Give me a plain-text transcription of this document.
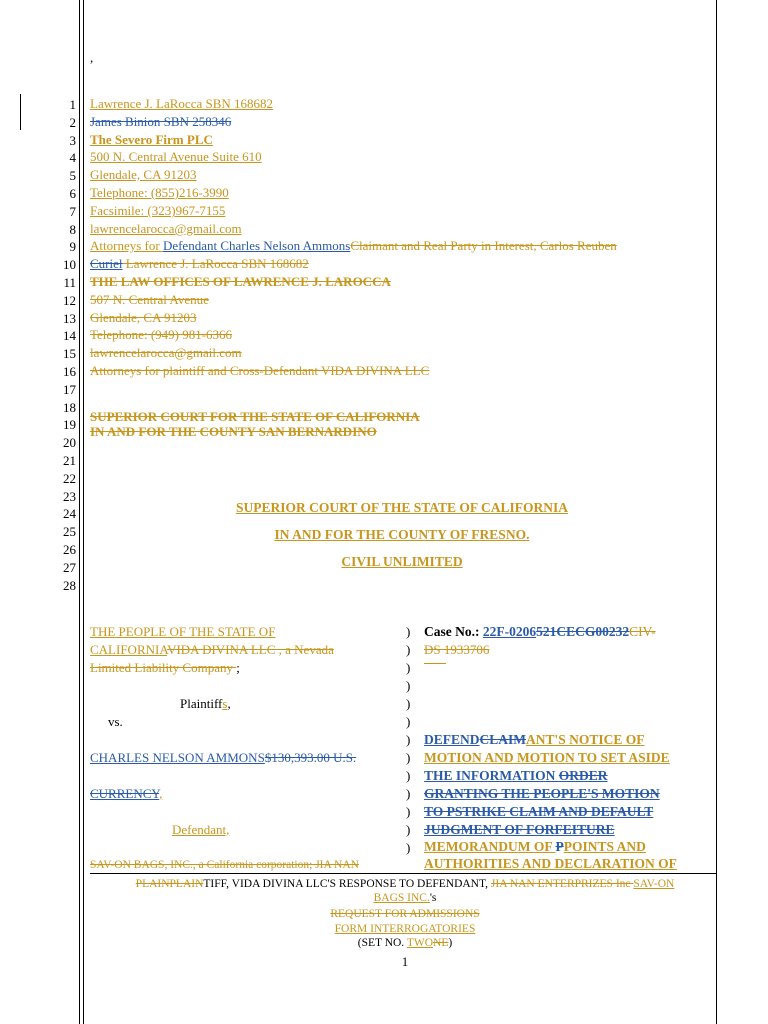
,
1
2
3
4
5
6
7
8
9
10
11
12
13
14
15
16
17
18
19
20
21
22
23
24
25
26
27
28
Lawrence J. LaRocca SBN 168682
James Binion SBN 258346
The Severo Firm PLC
500 N. Central Avenue Suite 610
Glendale, CA 91203
Telephone: (855)216-3990
Facsimile: (323)967-7155
lawrencelarocca@gmail.com
Attorneys for Defendant Charles Nelson AmmonsClaimant and Real Party in Interest, Carlos Reuben
Curiel Lawrence J. LaRocca SBN 168682
THE LAW OFFICES OF LAWRENCE J. LAROCCA
507 N. Central Avenue
Glendale, CA 91203
Telephone: (949) 981-6366
lawrencelarocca@gmail.com
Attorneys for plaintiff and Cross-Defendant VIDA DIVINA LLC
SUPERIOR COURT FOR THE STATE OF CALIFORNIA
IN AND FOR THE COUNTY SAN BERNARDINO
SUPERIOR COURT OF THE STATE OF CALIFORNIA
IN AND FOR THE COUNTY OF FRESNO.
CIVIL UNLIMITED
THE PEOPLE OF THE STATE OF
CALIFORNIAVIDA DIVINA LLC , a Nevada
Limited Liability Company ;
Plaintiffs,
vs.
CHARLES NELSON AMMONS$130,393.00 U.S.
CURRENCY,
Defendant,
SAV-ON BAGS, INC., a California corporation; JIA NAN
)
)
)
)
)
)
)
)
)
)
)
)
)
Case No.: 22F-0206521CECG00232CIV-
DS 1933706
DEFENDCLAIMANT'S NOTICE OF
MOTION AND MOTION TO SET ASIDE
THE INFORMATION ORDER
GRANTING THE PEOPLE'S MOTION
TO PSTRIKE CLAIM AND DEFAULT
JUDGMENT OF FORFEITURE
MEMORANDUM OF PPOINTS AND
AUTHORITIES AND DECLARATION OF
PLAINPLAINTIFF, VIDA DIVINA LLC'S RESPONSE TO DEFENDANT, JIA NAN ENTERPRIZES Inc SAV-ON
BAGS INC.'s
REQUEST FOR ADMISSIONS
FORM INTERROGATORIES
(SET NO. TWONE)
1
